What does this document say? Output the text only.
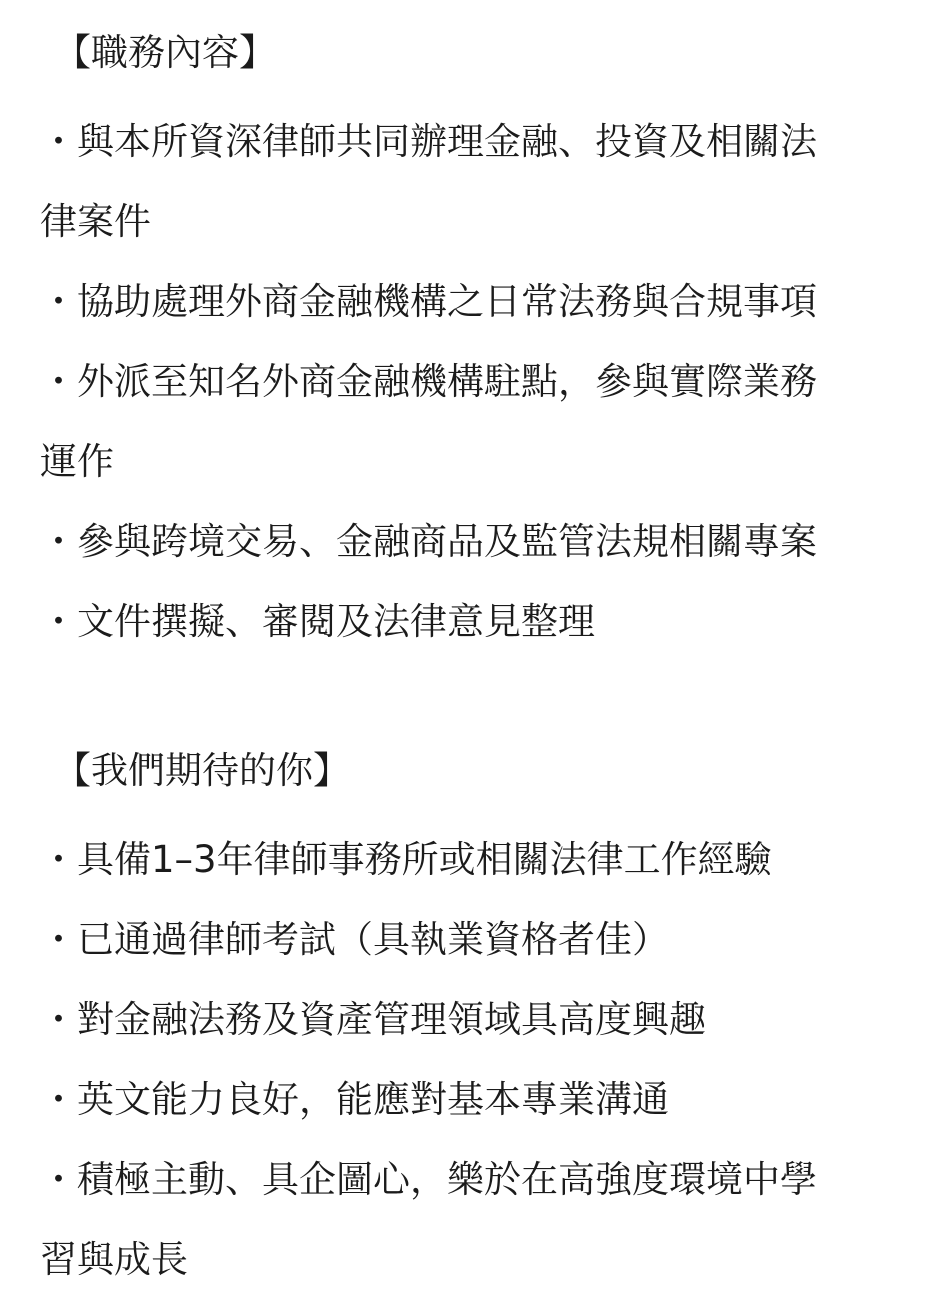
【職務內容】
・與本所資深律師共同辦理金融、投資及相關法
律案件
・協助處理外商金融機構之日常法務與合規事項
・外派至知名外商金融機構駐點，參與實際業務
運作
・參與跨境交易、金融商品及監管法規相關專案
・文件撰擬、審閱及法律意見整理
【我們期待的你】
・具備1–3年律師事務所或相關法律工作經驗
・已通過律師考試（具執業資格者佳）
・對金融法務及資產管理領域具高度興趣
・英文能力良好，能應對基本專業溝通
・積極主動、具企圖心，樂於在高強度環境中學
習與成長
